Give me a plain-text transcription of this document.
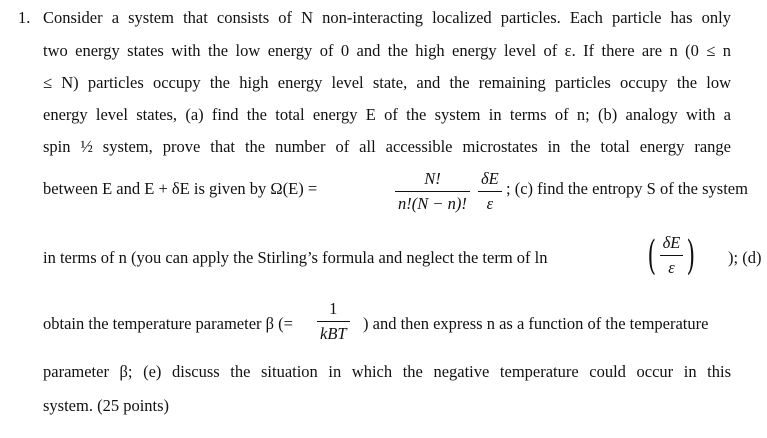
1. Consider a system that consists of N non-interacting localized particles. Each particle has only
two energy states with the low energy of 0 and the high energy level of ε. If there are n (0 ≤ n
≤ N) particles occupy the high energy level state, and the remaining particles occupy the low
energy level states, (a) find the total energy E of the system in terms of n; (b) analogy with a
spin ½ system, prove that the number of all accessible microstates in the total energy range
between E and E + δE is given by Ω(E) =	$\frac{N!}{n!(N - n)!}$
$\frac{\delta E}{\varepsilon}$ ; (c) find the entropy S of the system
in terms of n (you can apply the Stirling’s formula and neglect the term of ln	( $\frac{\delta E}{\varepsilon}$ ) ); (d)
obtain the temperature parameter β (=
1
kBT
) and then express n as a function of the temperature
parameter β; (e) discuss the situation in which the negative temperature could occur in this
system. (25 points)
